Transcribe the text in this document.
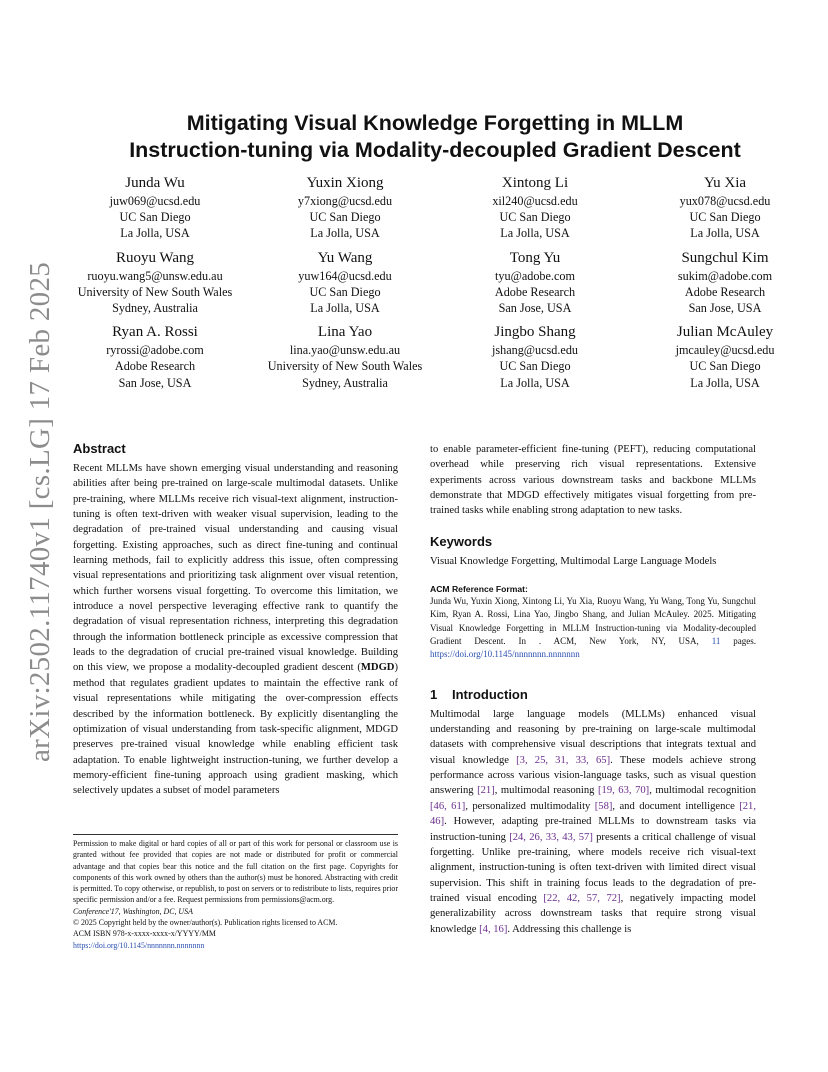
arXiv:2502.11740v1 [cs.LG] 17 Feb 2025
Mitigating Visual Knowledge Forgetting in MLLM
Instruction-tuning via Modality-decoupled Gradient Descent
Junda Wu
juw069@ucsd.edu
UC San Diego
La Jolla, USA
Yuxin Xiong
y7xiong@ucsd.edu
UC San Diego
La Jolla, USA
Xintong Li
xil240@ucsd.edu
UC San Diego
La Jolla, USA
Yu Xia
yux078@ucsd.edu
UC San Diego
La Jolla, USA
Ruoyu Wang
ruoyu.wang5@unsw.edu.au
University of New South Wales
Sydney, Australia
Yu Wang
yuw164@ucsd.edu
UC San Diego
La Jolla, USA
Tong Yu
tyu@adobe.com
Adobe Research
San Jose, USA
Sungchul Kim
sukim@adobe.com
Adobe Research
San Jose, USA
Ryan A. Rossi
ryrossi@adobe.com
Adobe Research
San Jose, USA
Lina Yao
lina.yao@unsw.edu.au
University of New South Wales
Sydney, Australia
Jingbo Shang
jshang@ucsd.edu
UC San Diego
La Jolla, USA
Julian McAuley
jmcauley@ucsd.edu
UC San Diego
La Jolla, USA
Abstract

Recent MLLMs have shown emerging visual understanding and reasoning abilities after being pre-trained on large-scale multimodal datasets. Unlike pre-training, where MLLMs receive rich visual-text alignment, instruction-tuning is often text-driven with weaker visual supervision, leading to the degradation of pre-trained visual understanding and causing visual forgetting. Existing approaches, such as direct fine-tuning and continual learning methods, fail to explicitly address this issue, often compressing visual representations and prioritizing task alignment over visual retention, which further worsens visual forgetting. To overcome this limitation, we introduce a novel perspective leveraging effective rank to quantify the degradation of visual representation richness, interpreting this degradation through the information bottleneck principle as excessive compression that leads to the degradation of crucial pre-trained visual knowledge. Building on this view, we propose a modality-decoupled gradient descent (MDGD) method that regulates gradient updates to maintain the effective rank of visual representations while mitigating the over-compression effects described by the information bottleneck. By explicitly disentangling the optimization of visual understanding from task-specific alignment, MDGD preserves pre-trained visual knowledge while enabling efficient task adaptation. To enable lightweight instruction-tuning, we further develop a memory-efficient fine-tuning approach using gradient masking, which selectively updates a subset of model parameters

Permission to make digital or hard copies of all or part of this work for personal or classroom use is granted without fee provided that copies are not made or distributed for profit or commercial advantage and that copies bear this notice and the full citation on the first page. Copyrights for components of this work owned by others than the author(s) must be honored. Abstracting with credit is permitted. To copy otherwise, or republish, to post on servers or to redistribute to lists, requires prior specific permission and/or a fee. Request permissions from permissions@acm.org.
Conference'17, Washington, DC, USA
© 2025 Copyright held by the owner/author(s). Publication rights licensed to ACM.
ACM ISBN 978-x-xxxx-xxxx-x/YYYY/MM
https://doi.org/10.1145/nnnnnnn.nnnnnnn

to enable parameter-efficient fine-tuning (PEFT), reducing computational overhead while preserving rich visual representations. Extensive experiments across various downstream tasks and backbone MLLMs demonstrate that MDGD effectively mitigates visual forgetting from pre-trained tasks while enabling strong adaptation to new tasks.

Keywords
Visual Knowledge Forgetting, Multimodal Large Language Models
ACM Reference Format:

Junda Wu, Yuxin Xiong, Xintong Li, Yu Xia, Ruoyu Wang, Yu Wang, Tong Yu, Sungchul Kim, Ryan A. Rossi, Lina Yao, Jingbo Shang, and Julian McAuley. 2025. Mitigating Visual Knowledge Forgetting in MLLM Instruction-tuning via Modality-decoupled Gradient Descent. In . ACM, New York, NY, USA, 11 pages. https://doi.org/10.1145/nnnnnnn.nnnnnnn

1 Introduction

Multimodal large language models (MLLMs) enhanced visual understanding and reasoning by pre-training on large-scale multimodal datasets with comprehensive visual descriptions that integrats textual and visual knowledge [3, 25, 31, 33, 65]. These models achieve strong performance across various vision-language tasks, such as visual question answering [21], multimodal reasoning [19, 63, 70], multimodal recognition [46, 61], personalized multimodality [58], and document intelligence [21, 46]. However, adapting pre-trained MLLMs to downstream tasks via instruction-tuning [24, 26, 33, 43, 57] presents a critical challenge of visual forgetting. Unlike pre-training, where models receive rich visual-text alignment, instruction-tuning is often text-driven with limited direct visual supervision. This shift in training focus leads to the degradation of pre-trained visual encoding [22, 42, 57, 72], negatively impacting model generalizability across downstream tasks that require strong visual knowledge [4, 16]. Addressing this challenge is
